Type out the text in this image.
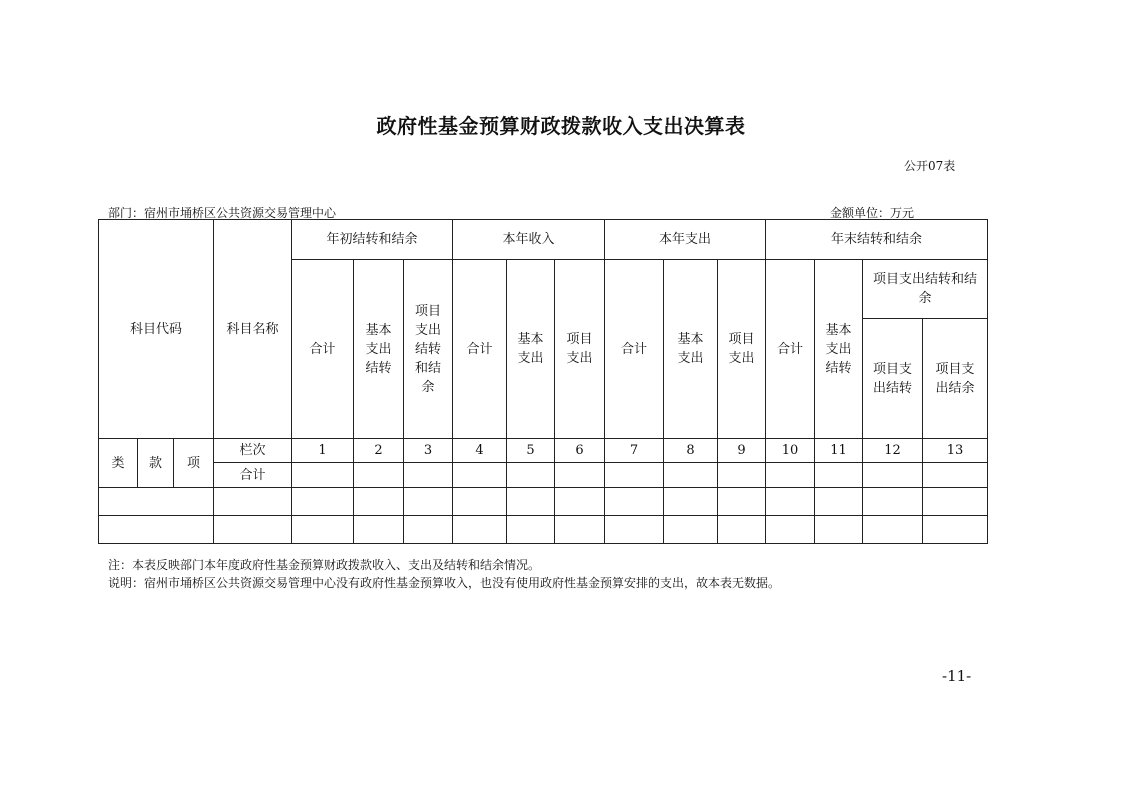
政府性基金预算财政拨款收入支出决算表
公开07表
部门：宿州市埇桥区公共资源交易管理中心	金额单位：万元
科目代码			科目名称	年初结转和结余			本年收入			本年支出			年末结转和结余			
				合计	基本支出结转	项目支出结转和结余	合计	基本支出	项目支出	合计	基本支出	项目支出	合计	基本支出结转	项目支出结转和结余	
															项目支出结转	项目支出结余
类	款	项	栏次	1	2	3	4	5	6	7	8	9	10	11	12	13
			合计													

注：本表反映部门本年度政府性基金预算财政拨款收入、支出及结转和结余情况。
说明：宿州市埇桥区公共资源交易管理中心没有政府性基金预算收入，也没有使用政府性基金预算安排的支出，故本表无数据。
-11-
